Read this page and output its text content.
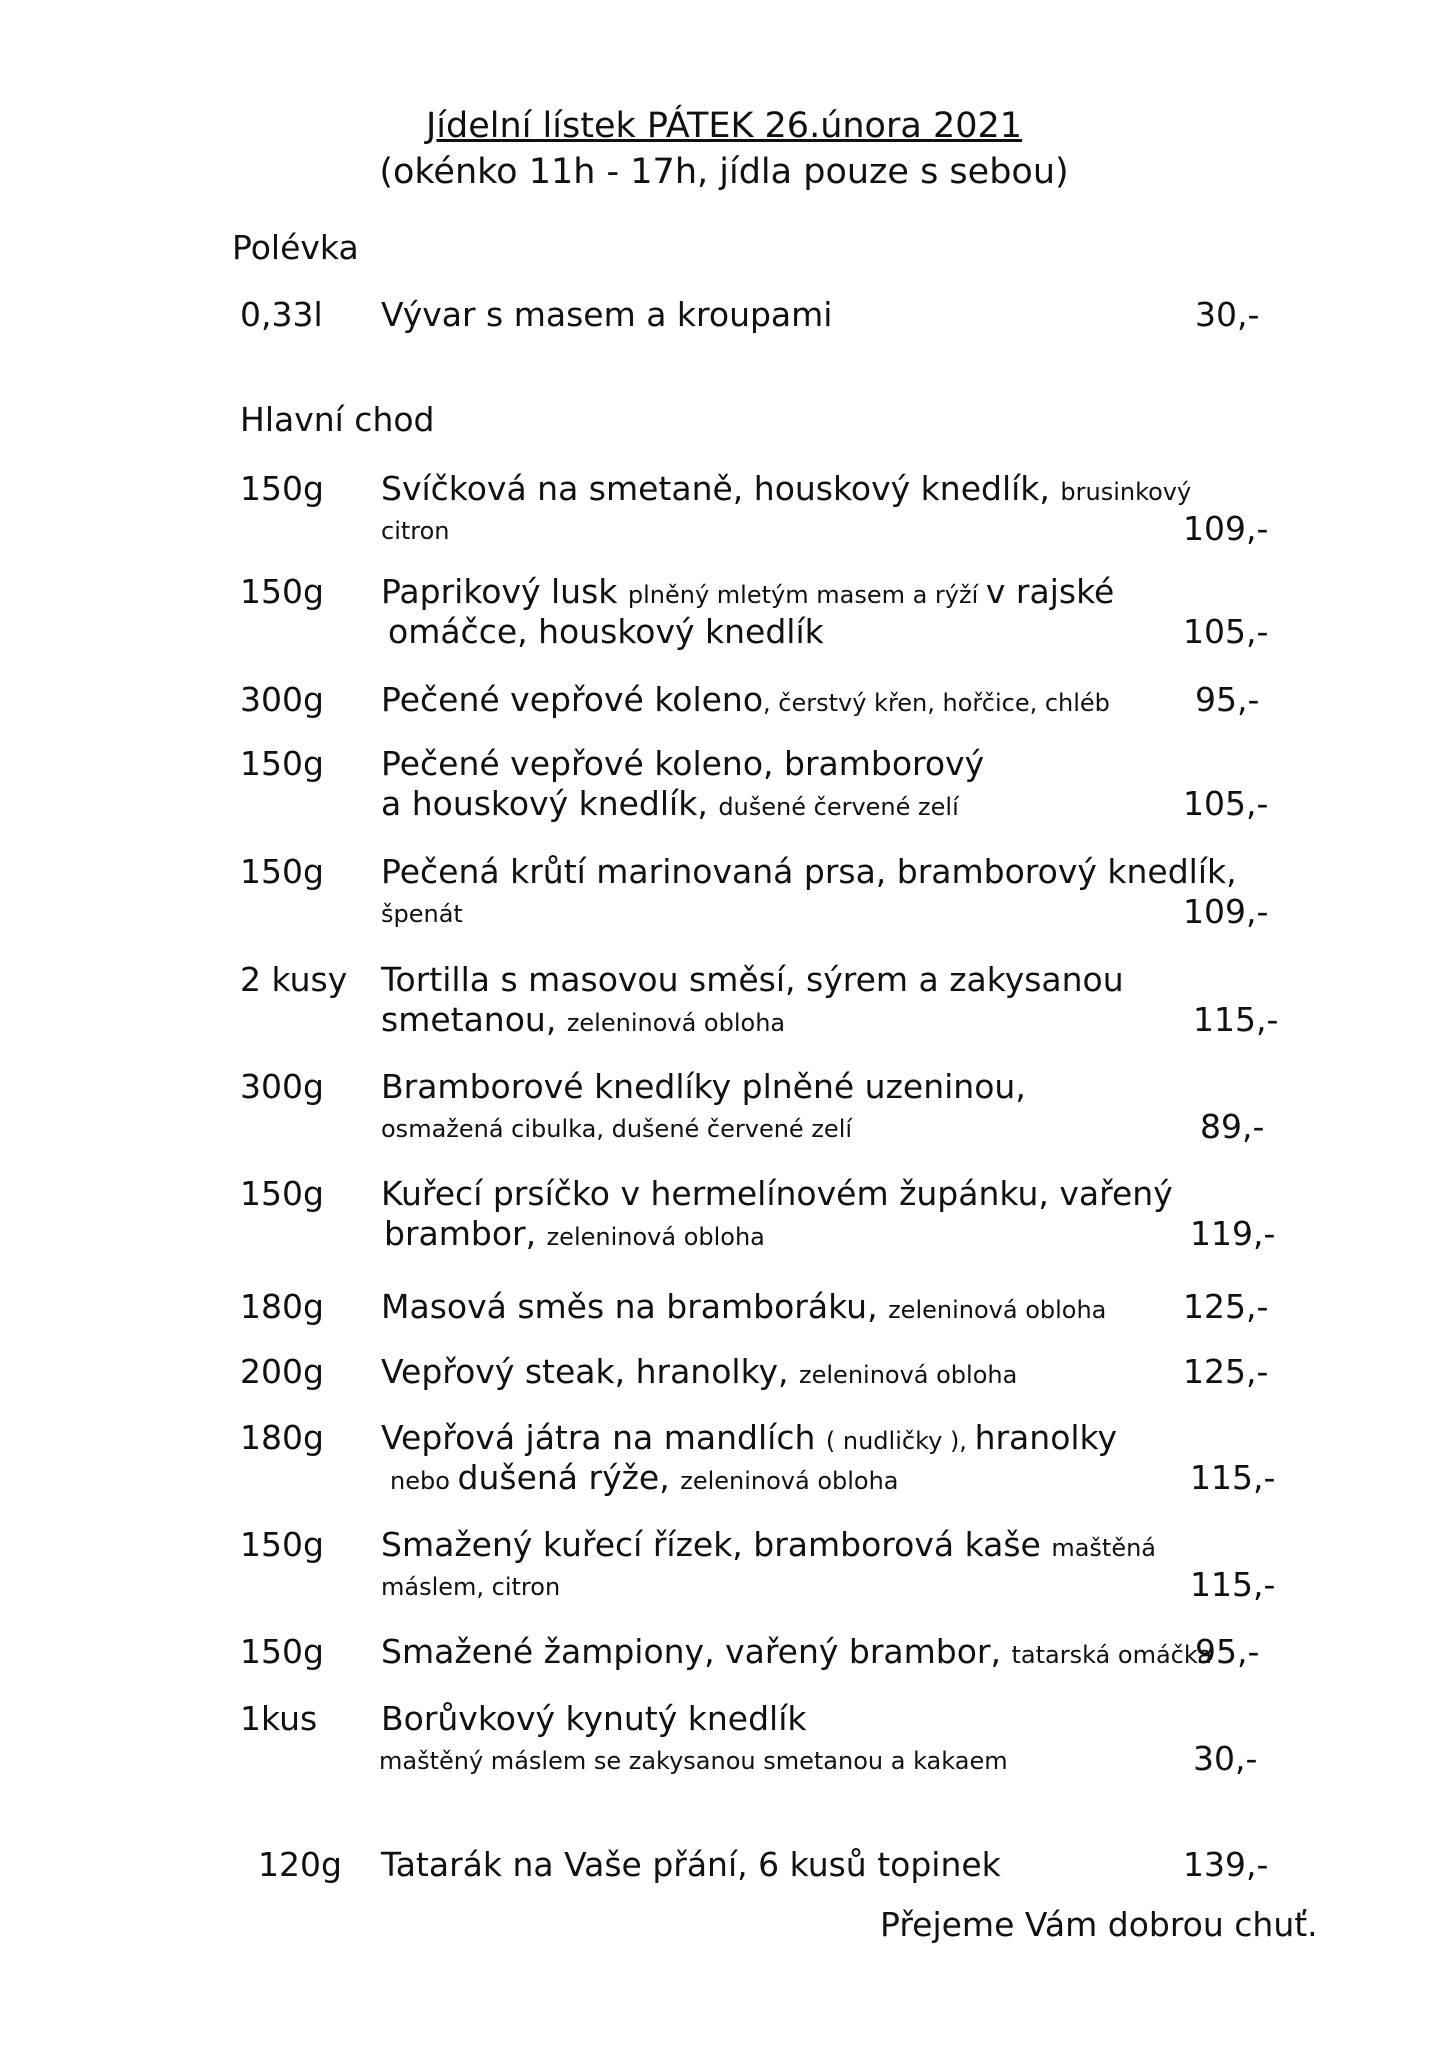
Jídelní lístek PÁTEK 26.února 2021
(okénko 11h - 17h, jídla pouze s sebou)
Polévka
0,33l Vývar s masem a kroupami	30,-
Hlavní chod
150g Svíčková na smetaně, houskový knedlík, brusinkový
citron	109,-
150g Paprikový lusk plněný mletým masem a rýží v rajské
omáčce, houskový knedlík	105,-
300g Pečené vepřové koleno, čerstvý křen, hořčice, chléb	95,-
150g Pečené vepřové koleno, bramborový
a houskový knedlík, dušené červené zelí	105,-
150g Pečená krůtí marinovaná prsa, bramborový knedlík,
špenát	109,-
2 kusy Tortilla s masovou směsí, sýrem a zakysanou
smetanou, zeleninová obloha	115,-
300g Bramborové knedlíky plněné uzeninou,
osmažená cibulka, dušené červené zelí	89,-
150g Kuřecí prsíčko v hermelínovém župánku, vařený
brambor, zeleninová obloha	119,-
180g Masová směs na bramboráku, zeleninová obloha 125,-
200g Vepřový steak, hranolky, zeleninová obloha	125,-
180g Vepřová játra na mandlích ( nudličky ), hranolky
nebo dušená rýže, zeleninová obloha	115,-
150g Smažený kuřecí řízek, bramborová kaše maštěná
máslem, citron	115,-
150g Smažené žampiony, vařený brambor, tatarská omáčka
95,-
1kus Borůvkový kynutý knedlík
maštěný máslem se zakysanou smetanou a kakaem	30,-
120g Tatarák na Vaše přání, 6 kusů topinek	139,-
Přejeme Vám dobrou chuť.
